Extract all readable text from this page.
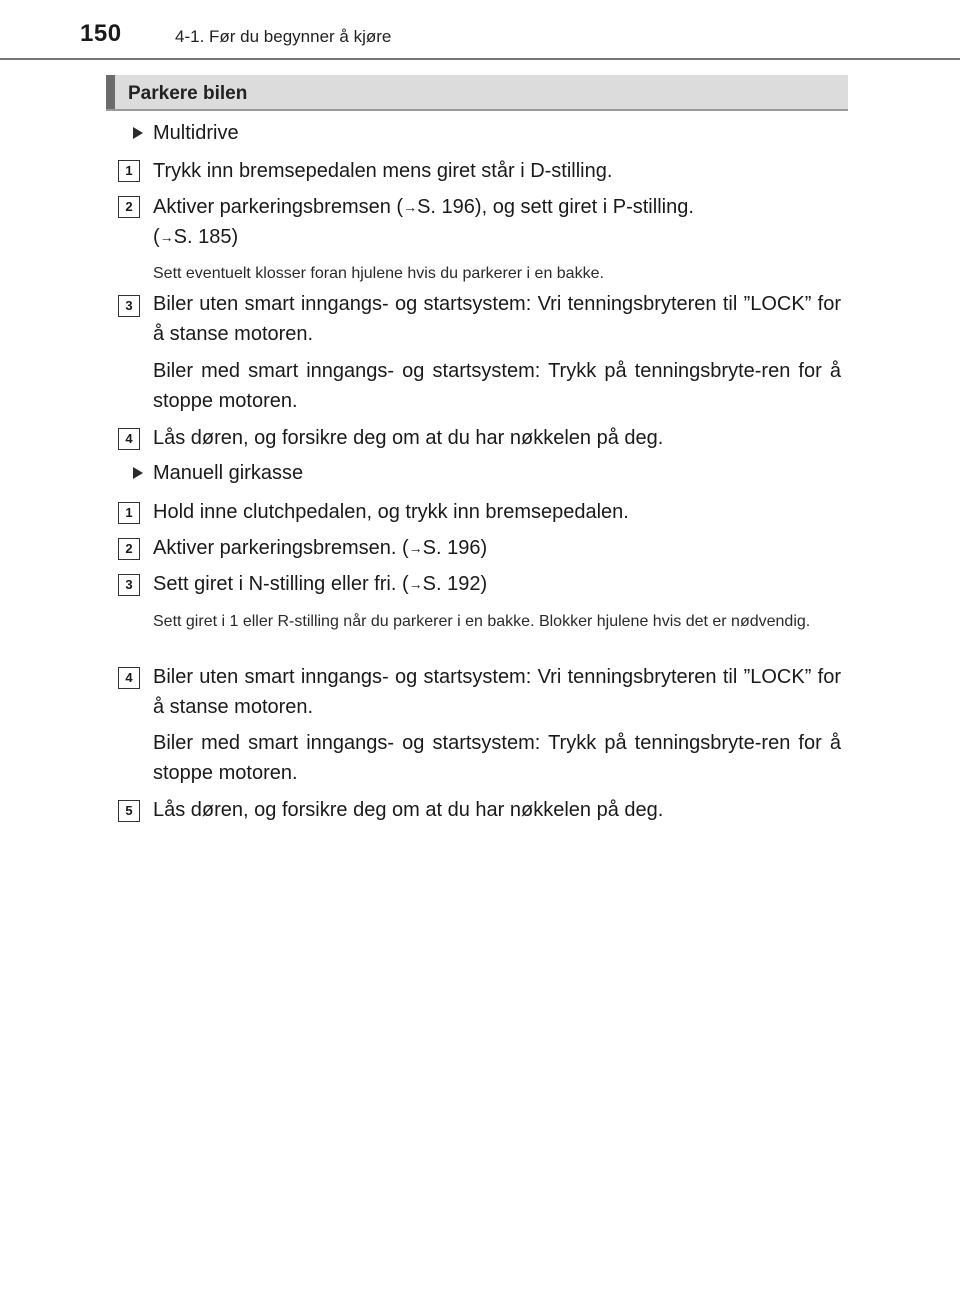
150	4-1. Før du begynner å kjøre
Parkere bilen
Multidrive
1	Trykk inn bremsepedalen mens giret står i D-stilling.
2	Aktiver parkeringsbremsen (→S. 196), og sett giret i P-stilling.
(→S. 185)
Sett eventuelt klosser foran hjulene hvis du parkerer i en bakke.
3	Biler uten smart inngangs- og startsystem: Vri tenningsbryteren til ”LOCK” for å stanse motoren.
Biler med smart inngangs- og startsystem: Trykk på tenningsbryte-ren for å stoppe motoren.
4	Lås døren, og forsikre deg om at du har nøkkelen på deg.
Manuell girkasse
1	Hold inne clutchpedalen, og trykk inn bremsepedalen.
2	Aktiver parkeringsbremsen. (→S. 196)
3	Sett giret i N-stilling eller fri. (→S. 192)
Sett giret i 1 eller R-stilling når du parkerer i en bakke. Blokker hjulene hvis det er nødvendig.
4	Biler uten smart inngangs- og startsystem: Vri tenningsbryteren til ”LOCK” for å stanse motoren.
Biler med smart inngangs- og startsystem: Trykk på tenningsbryte-ren for å stoppe motoren.
5	Lås døren, og forsikre deg om at du har nøkkelen på deg.
